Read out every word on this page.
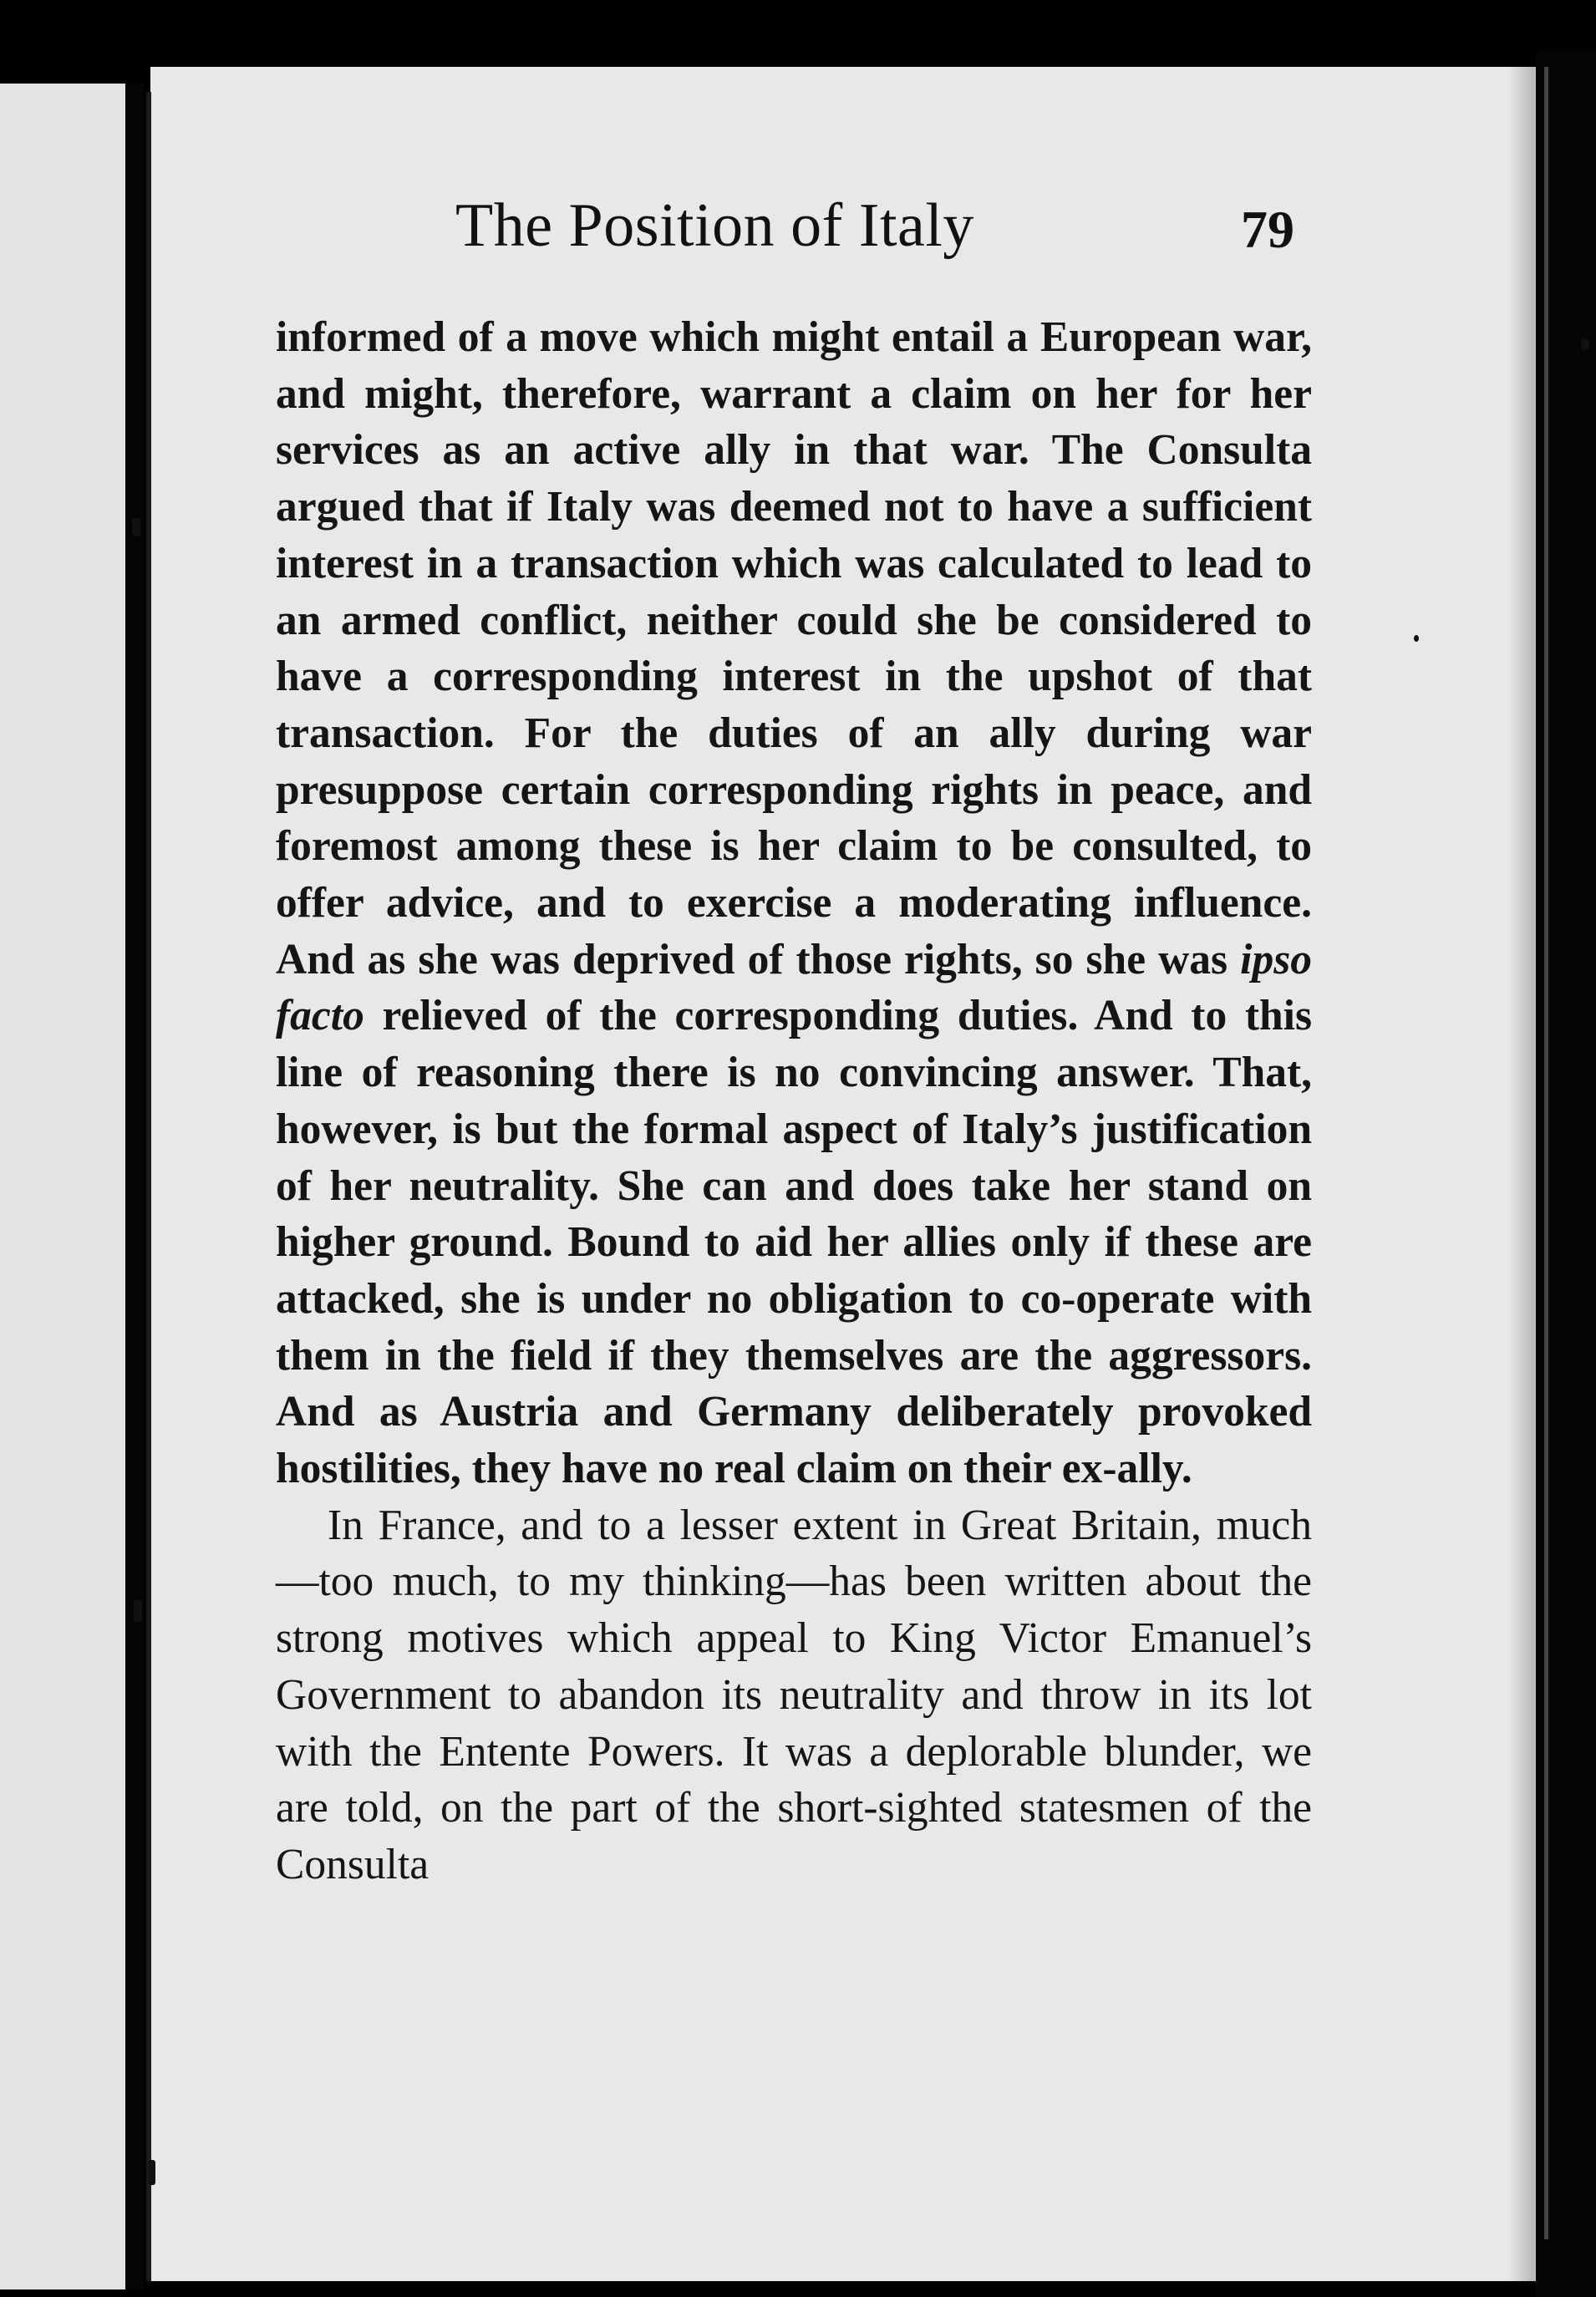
The Position of Italy	79

informed of a move which might entail a European war, and might, therefore, warrant a claim on her for her services as an active ally in that war. The Consulta argued that if Italy was deemed not to have a sufficient interest in a transaction which was calculated to lead to an armed conflict, neither could she be considered to have a corresponding interest in the upshot of that transaction. For the duties of an ally during war presuppose certain corresponding rights in peace, and foremost among these is her claim to be consulted, to offer advice, and to exercise a moderating influence. And as she was deprived of those rights, so she was ipso facto relieved of the corresponding duties. And to this line of reasoning there is no convincing answer. That, however, is but the formal aspect of Italy’s justification of her neutrality. She can and does take her stand on higher ground. Bound to aid her allies only if these are attacked, she is under no obligation to co-operate with them in the field if they themselves are the aggressors. And as Austria and Germany deliberately provoked hostilities, they have no real claim on their ex-ally.

In France, and to a lesser extent in Great Britain, much—too much, to my thinking—has been written about the strong motives which appeal to King Victor Emanuel’s Government to abandon its neutrality and throw in its lot with the Entente Powers. It was a deplorable blunder, we are told, on the part of the short-sighted statesmen of the Consulta
